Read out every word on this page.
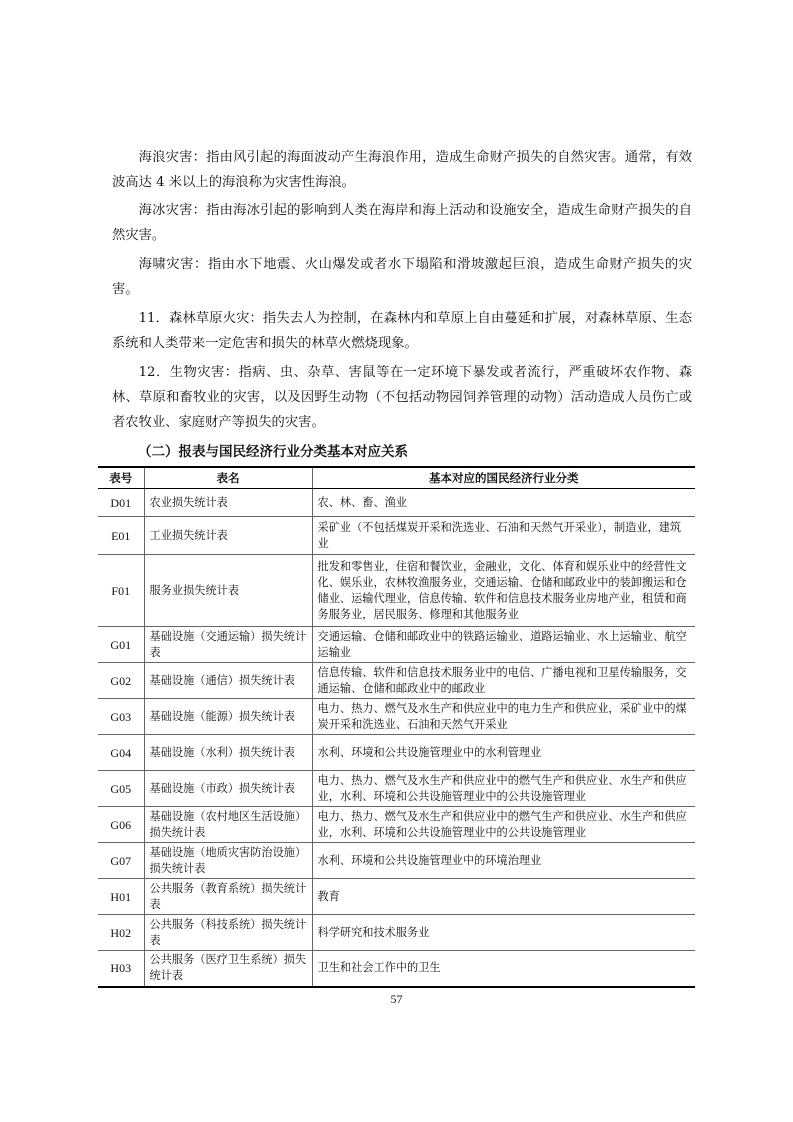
海浪灾害：指由风引起的海面波动产生海浪作用，造成生命财产损失的自然灾害。通常，有效波高达 4 米以上的海浪称为灾害性海浪。

海冰灾害：指由海冰引起的影响到人类在海岸和海上活动和设施安全，造成生命财产损失的自然灾害。

海啸灾害：指由水下地震、火山爆发或者水下塌陷和滑坡激起巨浪，造成生命财产损失的灾害。

11．森林草原火灾：指失去人为控制，在森林内和草原上自由蔓延和扩展，对森林草原、生态系统和人类带来一定危害和损失的林草火燃烧现象。

12．生物灾害：指病、虫、杂草、害鼠等在一定环境下暴发或者流行，严重破坏农作物、森林、草原和畜牧业的灾害，以及因野生动物（不包括动物园饲养管理的动物）活动造成人员伤亡或者农牧业、家庭财产等损失的灾害。

（二）报表与国民经济行业分类基本对应关系

表号	表名	基本对应的国民经济行业分类
D01	农业损失统计表	农、林、畜、渔业
E01	工业损失统计表	采矿业（不包括煤炭开采和洗选业、石油和天然气开采业），制造业，建筑业
F01	服务业损失统计表	批发和零售业，住宿和餐饮业，金融业，文化、体育和娱乐业中的经营性文化、娱乐业，农林牧渔服务业，交通运输、仓储和邮政业中的装卸搬运和仓储业、运输代理业，信息传输、软件和信息技术服务业房地产业，租赁和商务服务业，居民服务、修理和其他服务业
G01	基础设施（交通运输）损失统计表	交通运输、仓储和邮政业中的铁路运输业、道路运输业、水上运输业、航空运输业
G02	基础设施（通信）损失统计表	信息传输、软件和信息技术服务业中的电信、广播电视和卫星传输服务，交通运输、仓储和邮政业中的邮政业
G03	基础设施（能源）损失统计表	电力、热力、燃气及水生产和供应业中的电力生产和供应业，采矿业中的煤炭开采和洗选业、石油和天然气开采业
G04	基础设施（水利）损失统计表	水利、环境和公共设施管理业中的水利管理业
G05	基础设施（市政）损失统计表	电力、热力、燃气及水生产和供应业中的燃气生产和供应业、水生产和供应业，水利、环境和公共设施管理业中的公共设施管理业
G06	基础设施（农村地区生活设施）损失统计表	电力、热力、燃气及水生产和供应业中的燃气生产和供应业、水生产和供应业，水利、环境和公共设施管理业中的公共设施管理业
G07	基础设施（地质灾害防治设施）损失统计表	水利、环境和公共设施管理业中的环境治理业
H01	公共服务（教育系统）损失统计表	教育
H02	公共服务（科技系统）损失统计表	科学研究和技术服务业
H03	公共服务（医疗卫生系统）损失统计表	卫生和社会工作中的卫生

57
